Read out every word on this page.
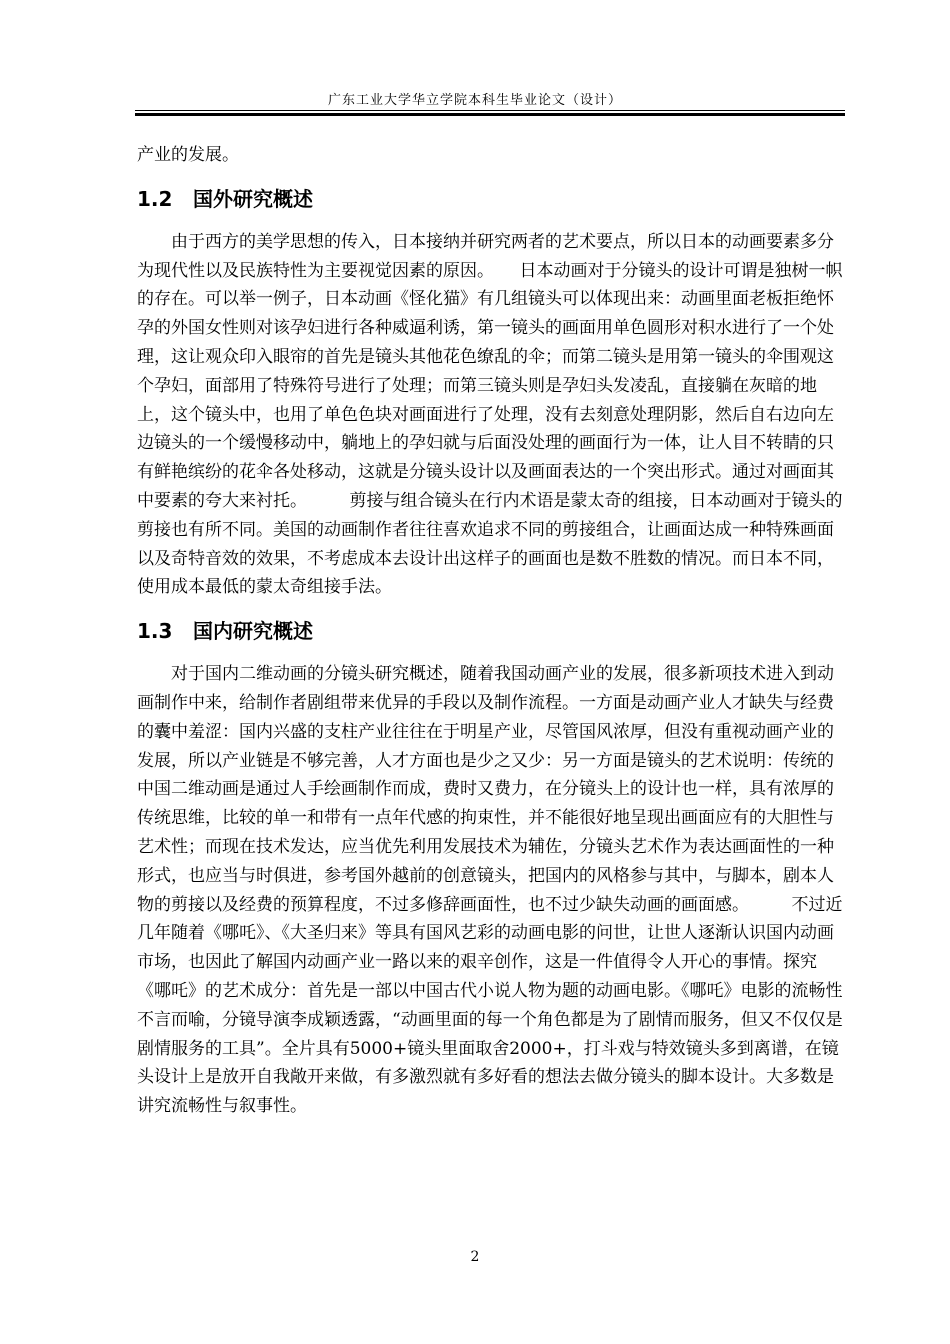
广东工业大学华立学院本科生毕业论文（设计）

产业的发展。

1.2 国外研究概述

由于西方的美学思想的传入，日本接纳并研究两者的艺术要点，所以日本的动画要素多分为现代性以及民族特性为主要视觉因素的原因。　　日本动画对于分镜头的设计可谓是独树一帜的存在。可以举一例子，日本动画《怪化猫》有几组镜头可以体现出来：动画里面老板拒绝怀孕的外国女性则对该孕妇进行各种威逼利诱，第一镜头的画面用单色圆形对积水进行了一个处理，这让观众印入眼帘的首先是镜头其他花色缭乱的伞；而第二镜头是用第一镜头的伞围观这个孕妇，面部用了特殊符号进行了处理；而第三镜头则是孕妇头发凌乱，直接躺在灰暗的地上，这个镜头中，也用了单色色块对画面进行了处理，没有去刻意处理阴影，然后自右边向左边镜头的一个缓慢移动中，躺地上的孕妇就与后面没处理的画面行为一体，让人目不转睛的只有鲜艳缤纷的花伞各处移动，这就是分镜头设计以及画面表达的一个突出形式。通过对画面其中要素的夸大来衬托。　　　剪接与组合镜头在行内术语是蒙太奇的组接，日本动画对于镜头的剪接也有所不同。美国的动画制作者往往喜欢追求不同的剪接组合，让画面达成一种特殊画面以及奇特音效的效果，不考虑成本去设计出这样子的画面也是数不胜数的情况。而日本不同，使用成本最低的蒙太奇组接手法。

1.3 国内研究概述

对于国内二维动画的分镜头研究概述，随着我国动画产业的发展，很多新项技术进入到动画制作中来，给制作者剧组带来优异的手段以及制作流程。一方面是动画产业人才缺失与经费的囊中羞涩：国内兴盛的支柱产业往往在于明星产业，尽管国风浓厚，但没有重视动画产业的发展，所以产业链是不够完善，人才方面也是少之又少：另一方面是镜头的艺术说明：传统的中国二维动画是通过人手绘画制作而成，费时又费力，在分镜头上的设计也一样，具有浓厚的传统思维，比较的单一和带有一点年代感的拘束性，并不能很好地呈现出画面应有的大胆性与艺术性；而现在技术发达，应当优先利用发展技术为辅佐，分镜头艺术作为表达画面性的一种形式，也应当与时俱进，参考国外越前的创意镜头，把国内的风格参与其中，与脚本，剧本人物的剪接以及经费的预算程度，不过多修辞画面性，也不过少缺失动画的画面感。　　　不过近几年随着《哪吒》、《大圣归来》等具有国风艺彩的动画电影的问世，让世人逐渐认识国内动画市场，也因此了解国内动画产业一路以来的艰辛创作，这是一件值得令人开心的事情。探究《哪吒》的艺术成分：首先是一部以中国古代小说人物为题的动画电影。《哪吒》电影的流畅性不言而喻，分镜导演李成颖透露，“动画里面的每一个角色都是为了剧情而服务，但又不仅仅是剧情服务的工具”。全片具有5000+镜头里面取舍2000+，打斗戏与特效镜头多到离谱，在镜头设计上是放开自我敞开来做，有多激烈就有多好看的想法去做分镜头的脚本设计。大多数是讲究流畅性与叙事性。

2
